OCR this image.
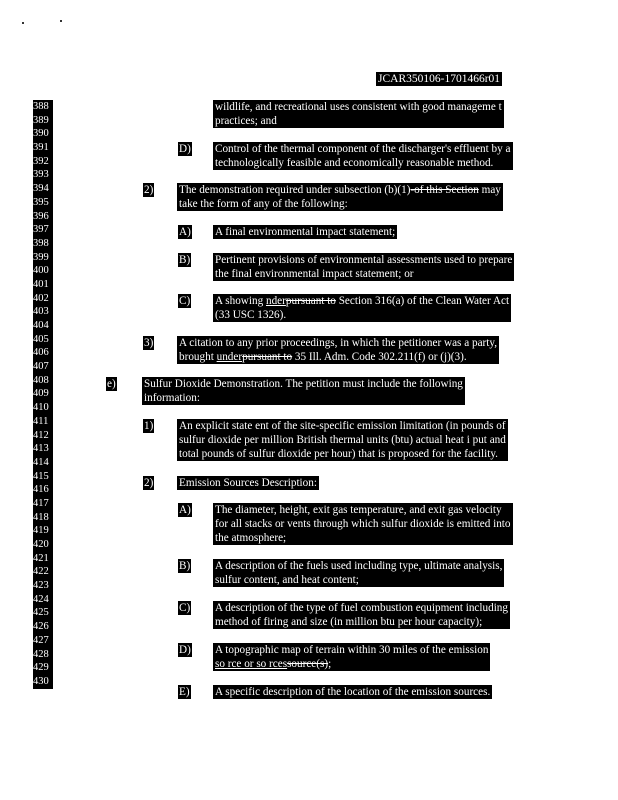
JCAR350106-1701466r01
388
389
390
391
392
393
394
395
396
397
398
399
400
401
402
403
404
405
406
407
408
409
410
411
412
413
414
415
416
417
418
419
420
421
422
423
424
425
426
427
428
429
430
wildlife, and recreational uses consistent with good manageme t
practices; and
D) Control of the thermal component of the discharger's effluent by a
technologically feasible and economically reasonable method.
2) The demonstration required under subsection (b)(1)-of this Section may
take the form of any of the following:
A) A final environmental impact statement;
B) Pertinent provisions of environmental assessments used to prepare
the final environmental impact statement; or
C) A showing nderpursuant to Section 316(a) of the Clean Water Act
(33 USC 1326).
3) A citation to any prior proceedings, in which the petitioner was a party,
brought underpursuant to 35 Ill. Adm. Code 302.211(f) or (j)(3).
e)	Sulfur Dioxide Demonstration. The petition must include the following
information:
1) An explicit state ent of the site-specific emission limitation (in pounds of
sulfur dioxide per million British thermal units (btu) actual heat i put and
total pounds of sulfur dioxide per hour) that is proposed for the facility.
2) Emission Sources Description:
A) The diameter, height, exit gas temperature, and exit gas velocity
for all stacks or vents through which sulfur dioxide is emitted into
the atmosphere;
B) A description of the fuels used including type, ultimate analysis,
sulfur content, and heat content;
C) A description of the type of fuel combustion equipment including
method of firing and size (in million btu per hour capacity);
D) A topographic map of terrain within 30 miles of the emission
so rce or so rcessource(s);
E) A specific description of the location of the emission sources.
